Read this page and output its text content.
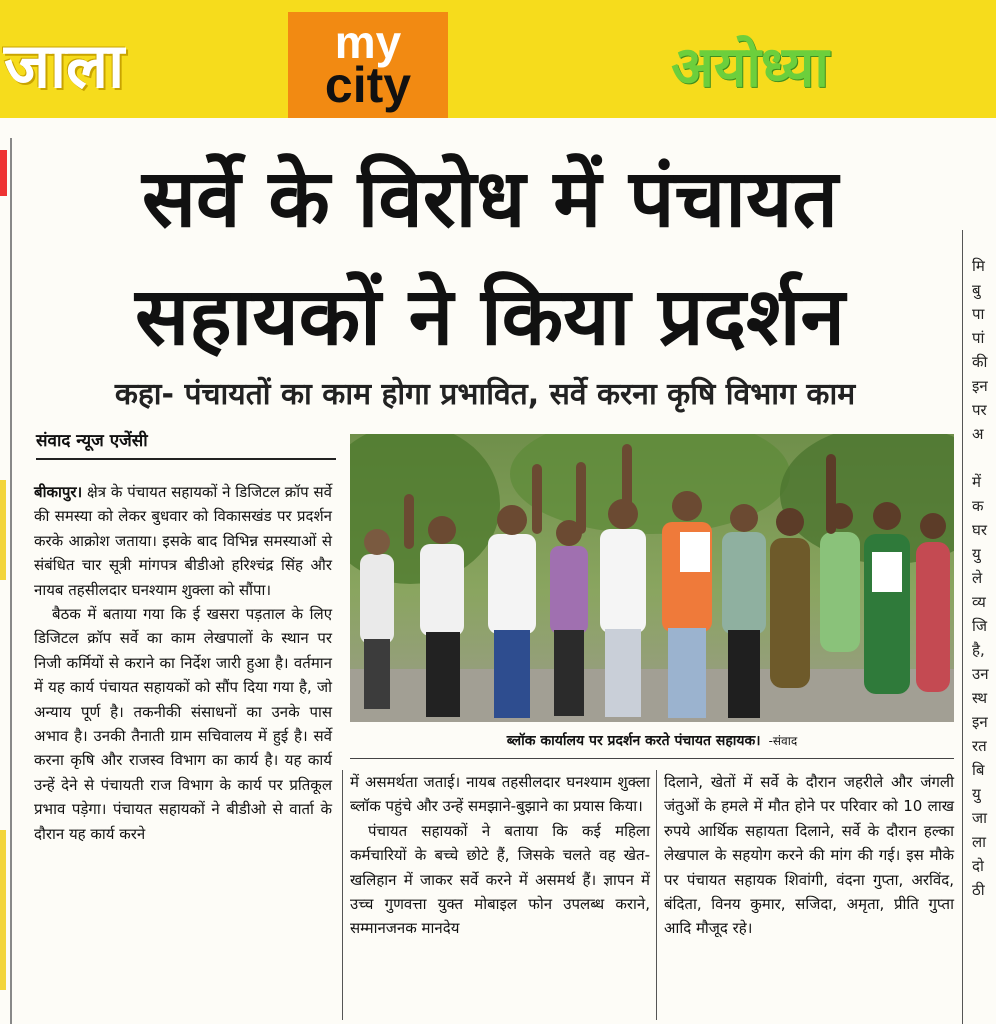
जाला	my
city	अयोध्या
सर्वे के विरोध में पंचायत
सहायकों ने किया प्रदर्शन
कहा- पंचायतों का काम होगा प्रभावित, सर्वे करना कृषि विभाग काम
संवाद न्यूज एजेंसी

बीकापुर। क्षेत्र के पंचायत सहायकों ने डिजिटल क्रॉप सर्वे की समस्या को लेकर बुधवार को विकासखंड पर प्रदर्शन करके आक्रोश जताया। इसके बाद विभिन्न समस्याओं से संबंधित चार सूत्री मांगपत्र बीडीओ हरिश्चंद्र सिंह और नायब तहसीलदार घनश्याम शुक्ला को सौंपा।

बैठक में बताया गया कि ई खसरा पड़ताल के लिए डिजिटल क्रॉप सर्वे का काम लेखपालों के स्थान पर निजी कर्मियों से कराने का निर्देश जारी हुआ है। वर्तमान में यह कार्य पंचायत सहायकों को सौंप दिया गया है, जो अन्याय पूर्ण है। तकनीकी संसाधनों का उनके पास अभाव है। उनकी तैनाती ग्राम सचिवालय में हुई है। सर्वे करना कृषि और राजस्व विभाग का कार्य है। यह कार्य उन्हें देने से पंचायती राज विभाग के कार्य पर प्रतिकूल प्रभाव पड़ेगा। पंचायत सहायकों ने बीडीओ से वार्ता के दौरान यह कार्य करने

ब्लॉक कार्यालय पर प्रदर्शन करते पंचायत सहायक। -संवाद

में असमर्थता जताई। नायब तहसीलदार घनश्याम शुक्ला ब्लॉक पहुंचे और उन्हें समझाने-बुझाने का प्रयास किया।

पंचायत सहायकों ने बताया कि कई महिला कर्मचारियों के बच्चे छोटे हैं, जिसके चलते वह खेत-खलिहान में जाकर सर्वे करने में असमर्थ हैं। ज्ञापन में उच्च गुणवत्ता युक्त मोबाइल फोन उपलब्ध कराने, सम्मानजनक मानदेय

दिलाने, खेतों में सर्वे के दौरान जहरीले और जंगली जंतुओं के हमले में मौत होने पर परिवार को 10 लाख रुपये आर्थिक सहायता दिलाने, सर्वे के दौरान हल्का लेखपाल के सहयोग करने की मांग की गई। इस मौके पर पंचायत सहायक शिवांगी, वंदना गुप्ता, अरविंद, बंदिता, विनय कुमार, सजिदा, अमृता, प्रीति गुप्ता आदि मौजूद रहे।

मि
बु
पा
पां
की
इन
पर
अ

में
क
घर
यु
ले
व्य
जि
है,
उन
स्थ
इन
रत
बि
यु
जा
ला
दो
ठी
